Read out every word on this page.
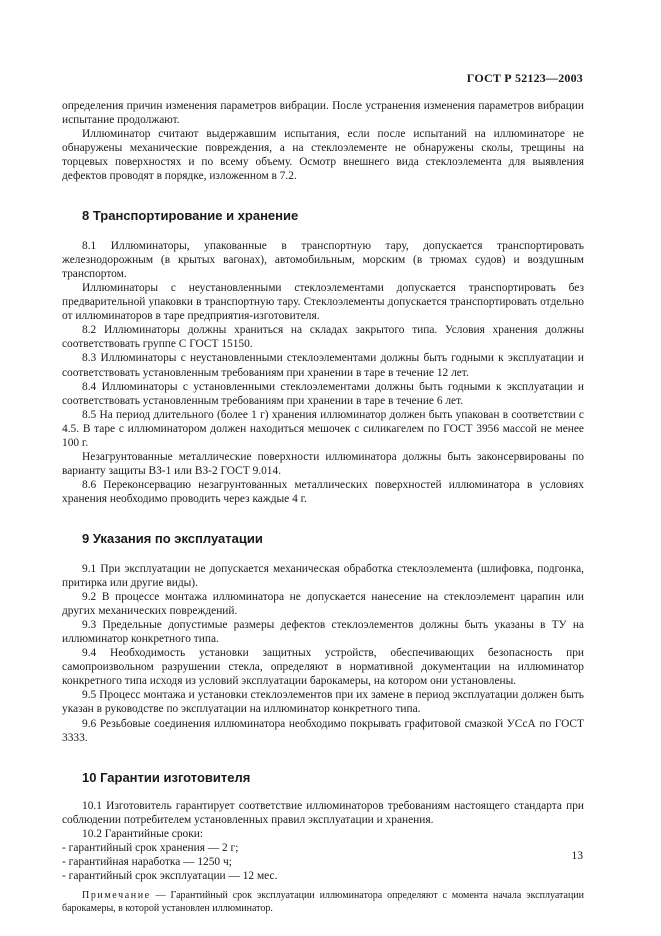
ГОСТ Р 52123—2003

определения причин изменения параметров вибрации. После устранения изменения параметров вибрации испытание продолжают.

Иллюминатор считают выдержавшим испытания, если после испытаний на иллюминаторе не обнаружены механические повреждения, а на стеклоэлементе не обнаружены сколы, трещины на торцевых поверхностях и по всему объему. Осмотр внешнего вида стеклоэлемента для выявления дефектов проводят в порядке, изложенном в 7.2.

8 Транспортирование и хранение

8.1 Иллюминаторы, упакованные в транспортную тару, допускается транспортировать железнодорожным (в крытых вагонах), автомобильным, морским (в трюмах судов) и воздушным транспортом.

Иллюминаторы с неустановленными стеклоэлементами допускается транспортировать без предварительной упаковки в транспортную тару. Стеклоэлементы допускается транспортировать отдельно от иллюминаторов в таре предприятия-изготовителя.

8.2 Иллюминаторы должны храниться на складах закрытого типа. Условия хранения должны соответствовать группе С ГОСТ 15150.

8.3 Иллюминаторы с неустановленными стеклоэлементами должны быть годными к эксплуатации и соответствовать установленным требованиям при хранении в таре в течение 12 лет.

8.4 Иллюминаторы с установленными стеклоэлементами должны быть годными к эксплуатации и соответствовать установленным требованиям при хранении в таре в течение 6 лет.

8.5 На период длительного (более 1 г) хранения иллюминатор должен быть упакован в соответствии с 4.5. В таре с иллюминатором должен находиться мешочек с силикагелем по ГОСТ 3956 массой не менее 100 г.

Незагрунтованные металлические поверхности иллюминатора должны быть законсервированы по варианту защиты ВЗ-1 или ВЗ-2 ГОСТ 9.014.

8.6 Переконсервацию незагрунтованных металлических поверхностей иллюминатора в условиях хранения необходимо проводить через каждые 4 г.

9 Указания по эксплуатации

9.1 При эксплуатации не допускается механическая обработка стеклоэлемента (шлифовка, подгонка, притирка или другие виды).

9.2 В процессе монтажа иллюминатора не допускается нанесение на стеклоэлемент царапин или других механических повреждений.

9.3 Предельные допустимые размеры дефектов стеклоэлементов должны быть указаны в ТУ на иллюминатор конкретного типа.

9.4 Необходимость установки защитных устройств, обеспечивающих безопасность при самопроизвольном разрушении стекла, определяют в нормативной документации на иллюминатор конкретного типа исходя из условий эксплуатации барокамеры, на котором они установлены.

9.5 Процесс монтажа и установки стеклоэлементов при их замене в период эксплуатации должен быть указан в руководстве по эксплуатации на иллюминатор конкретного типа.

9.6 Резьбовые соединения иллюминатора необходимо покрывать графитовой смазкой УСсА по ГОСТ 3333.

10 Гарантии изготовителя

10.1 Изготовитель гарантирует соответствие иллюминаторов требованиям настоящего стандарта при соблюдении потребителем установленных правил эксплуатации и хранения.

10.2 Гарантийные сроки:

- гарантийный срок хранения — 2 г;

- гарантийная наработка — 1250 ч;

- гарантийный срок эксплуатации — 12 мес.

Примечание — Гарантийный срок эксплуатации иллюминатора определяют с момента начала эксплуатации барокамеры, в которой установлен иллюминатор.

13
